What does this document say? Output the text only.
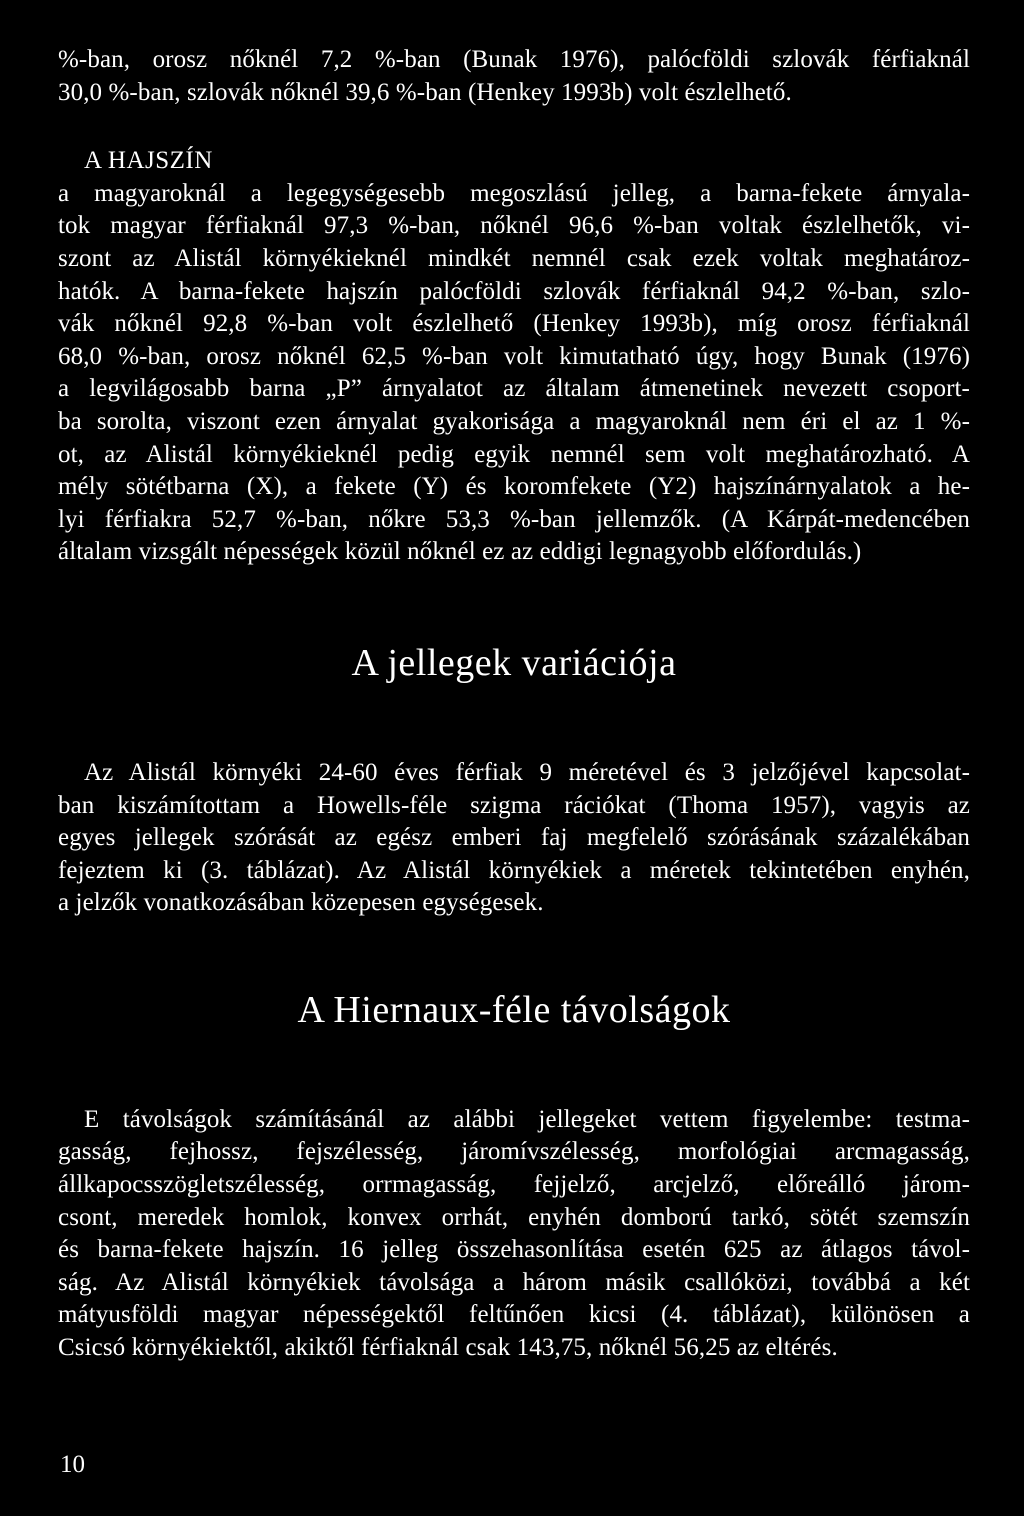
%-ban, orosz nőknél 7,2 %-ban (Bunak 1976), palócföldi szlovák férfiaknál
30,0 %-ban, szlovák nőknél 39,6 %-ban (Henkey 1993b) volt észlelhető.

A HAJSZÍN

a magyaroknál a legegységesebb megoszlású jelleg, a barna-fekete árnyala-
tok magyar férfiaknál 97,3 %-ban, nőknél 96,6 %-ban voltak észlelhetők, vi-
szont az Alistál környékieknél mindkét nemnél csak ezek voltak meghatároz-
hatók. A barna-fekete hajszín palócföldi szlovák férfiaknál 94,2 %-ban, szlo-
vák nőknél 92,8 %-ban volt észlelhető (Henkey 1993b), míg orosz férfiaknál
68,0 %-ban, orosz nőknél 62,5 %-ban volt kimutatható úgy, hogy Bunak (1976)
a legvilágosabb barna „P” árnyalatot az általam átmenetinek nevezett csoport-
ba sorolta, viszont ezen árnyalat gyakorisága a magyaroknál nem éri el az 1 %-
ot, az Alistál környékieknél pedig egyik nemnél sem volt meghatározható. A
mély sötétbarna (X), a fekete (Y) és koromfekete (Y2) hajszínárnyalatok a he-
lyi férfiakra 52,7 %-ban, nőkre 53,3 %-ban jellemzők. (A Kárpát-medencében
általam vizsgált népességek közül nőknél ez az eddigi legnagyobb előfordulás.)

A jellegek variációja

Az Alistál környéki 24-60 éves férfiak 9 méretével és 3 jelzőjével kapcsolat-
ban kiszámítottam a Howells-féle szigma rációkat (Thoma 1957), vagyis az
egyes jellegek szórását az egész emberi faj megfelelő szórásának százalékában
fejeztem ki (3. táblázat). Az Alistál környékiek a méretek tekintetében enyhén,
a jelzők vonatkozásában közepesen egységesek.

A Hiernaux-féle távolságok

E távolságok számításánál az alábbi jellegeket vettem figyelembe: testma-
gasság, fejhossz, fejszélesség, járomívszélesség, morfológiai arcmagasság,
állkapocsszögletszélesség, orrmagasság, fejjelző, arcjelző, előreálló járom-
csont, meredek homlok, konvex orrhát, enyhén domború tarkó, sötét szemszín
és barna-fekete hajszín. 16 jelleg összehasonlítása esetén 625 az átlagos távol-
ság. Az Alistál környékiek távolsága a három másik csallóközi, továbbá a két
mátyusföldi magyar népességektől feltűnően kicsi (4. táblázat), különösen a
Csicsó környékiektől, akiktől férfiaknál csak 143,75, nőknél 56,25 az eltérés.

10
